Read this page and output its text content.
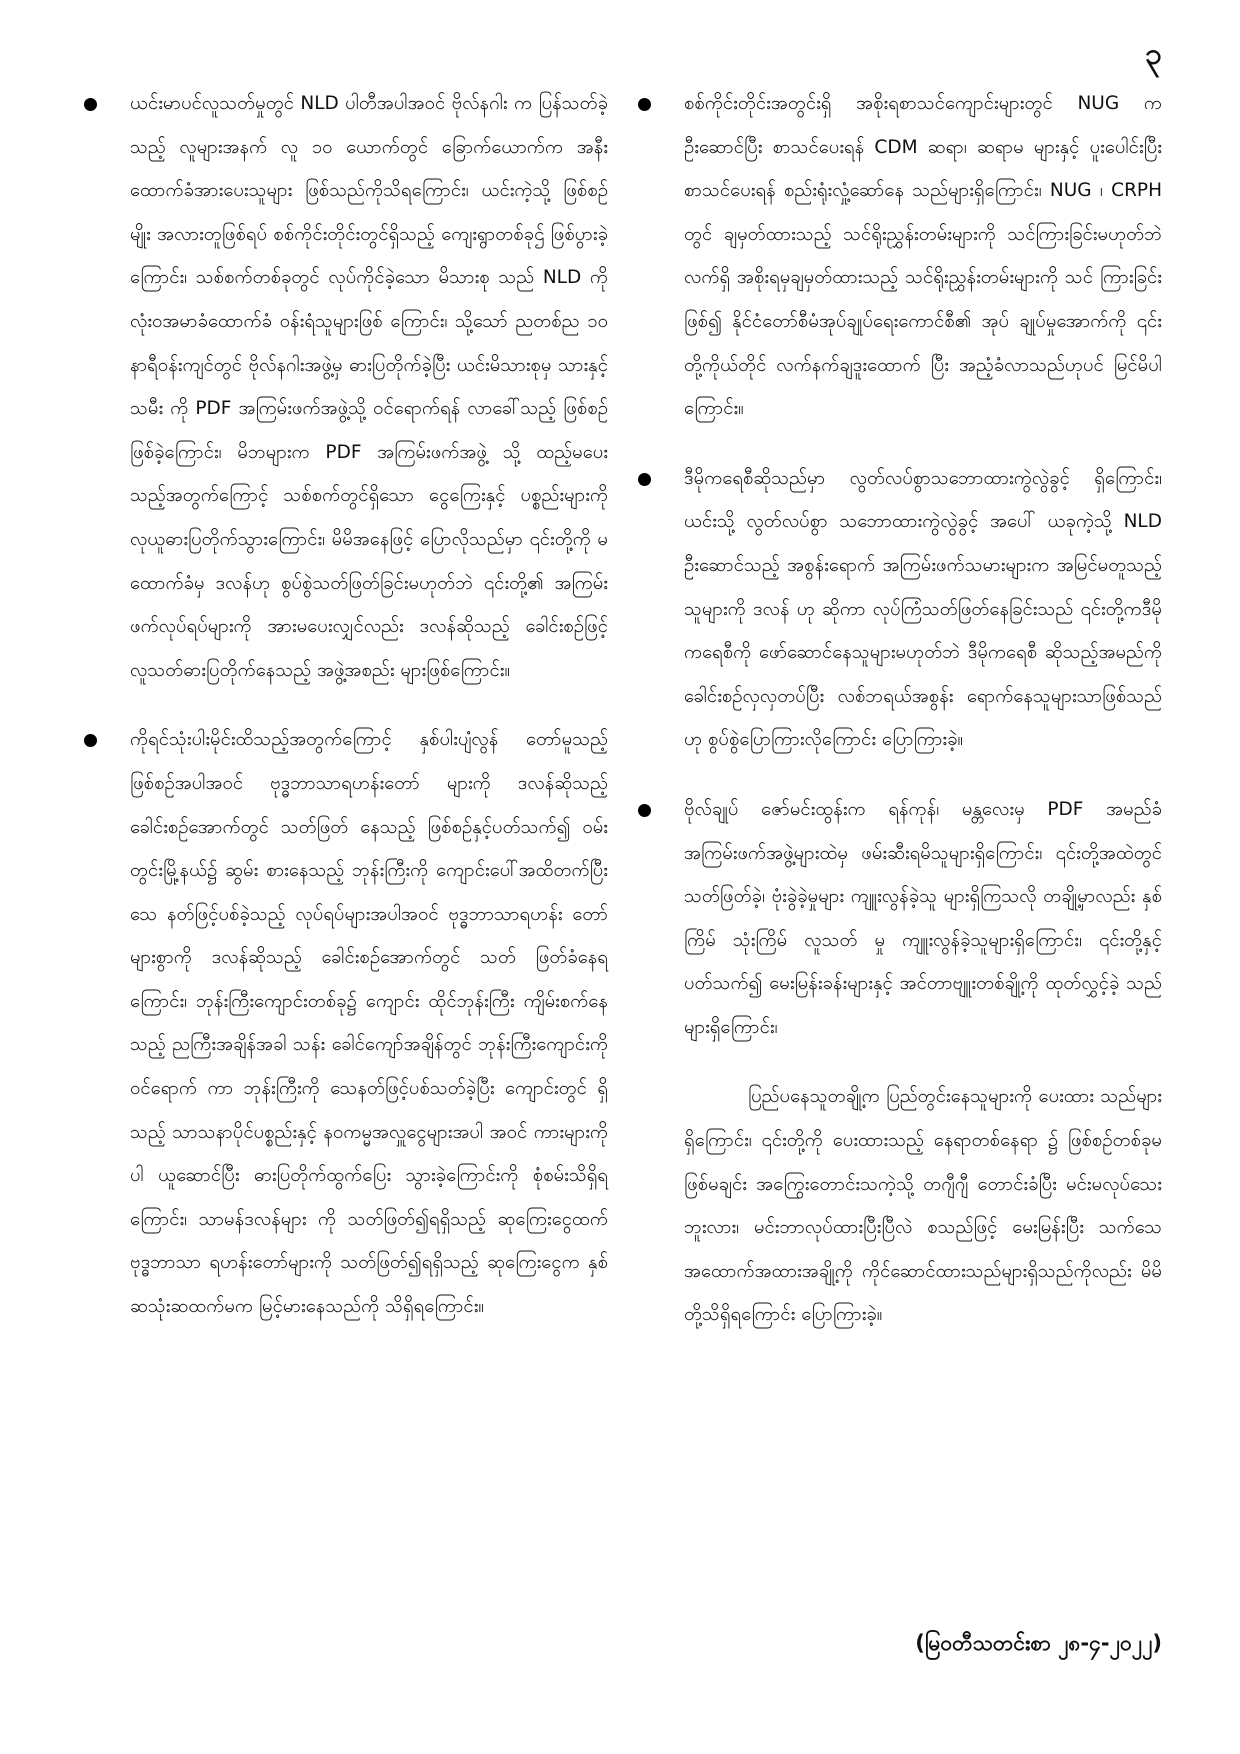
၃

ယင်းမာပင်လူသတ်မှုတွင် NLD ပါတီအပါအဝင် ဗိုလ်နဂါး က ပြန်သတ်ခဲ့သည့် လူများအနက် လူ ၁၀ ယောက်တွင် ခြောက်ယောက်က အနီးထောက်ခံအားပေးသူများ ဖြစ်သည်ကိုသိရကြောင်း၊ ယင်းကဲ့သို့ ဖြစ်စဉ်မျိုး အလားတူဖြစ်ရပ် စစ်ကိုင်းတိုင်းတွင်ရှိသည့် ကျေးရွာတစ်ခုဌ် ဖြစ်ပွားခဲ့ ကြောင်း၊ သစ်စက်တစ်ခုတွင် လုပ်ကိုင်ခဲ့သော မိသားစု သည် NLD ကို လုံးဝအမာခံထောက်ခံ ဝန်းရံသူများဖြစ် ကြောင်း၊ သို့သော် ညတစ်ည ၁၀ နာရီဝန်းကျင်တွင် ဗိုလ်နဂါးအဖွဲ့မှ ဓားပြတိုက်ခဲ့ပြီး ယင်းမိသားစုမှ သားနှင့်သမီး ကို PDF အကြမ်းဖက်အဖွဲ့သို့ ဝင်ရောက်ရန် လာခေါ်သည့် ဖြစ်စဉ်ဖြစ်ခဲ့ကြောင်း၊ မိဘများက PDF အကြမ်းဖက်အဖွဲ့ သို့ ထည့်မပေးသည့်အတွက်ကြောင့် သစ်စက်တွင်ရှိသော ငွေကြေးနှင့် ပစ္စည်းများကို လုယူဓားပြတိုက်သွားကြောင်း၊ မိမိအနေဖြင့် ပြောလိုသည်မှာ ၎င်းတို့ကို မထောက်ခံမှ ဒလန်ဟု စွပ်စွဲသတ်ဖြတ်ခြင်းမဟုတ်ဘဲ ၎င်းတို့၏ အကြမ်း ဖက်လုပ်ရပ်များကို အားမပေးလျှင်လည်း ဒလန်ဆိုသည့် ခေါင်းစဉ်ဖြင့် လူသတ်ဓားပြတိုက်နေသည့် အဖွဲ့အစည်း များဖြစ်ကြောင်း။

ကိုရင်သုံးပါးမိုင်းထိသည့်အတွက်ကြောင့် နှစ်ပါးပျံလွန် တော်မူသည့် ဖြစ်စဉ်အပါအဝင် ဗုဒ္ဓဘာသာရဟန်းတော် များကို ဒလန်ဆိုသည့် ခေါင်းစဉ်အောက်တွင် သတ်ဖြတ် နေသည့် ဖြစ်စဉ်နှင့်ပတ်သက်၍ ဝမ်းတွင်းမြို့နယ်၌ ဆွမ်း စားနေသည့် ဘုန်းကြီးကို ကျောင်းပေါ်အထိတက်ပြီး သေ နတ်ဖြင့်ပစ်ခဲ့သည့် လုပ်ရပ်များအပါအဝင် ဗုဒ္ဓဘာသာရဟန်း တော်များစွာကို ဒလန်ဆိုသည့် ခေါင်းစဉ်အောက်တွင် သတ် ဖြတ်ခံနေရကြောင်း၊ ဘုန်းကြီးကျောင်းတစ်ခု၌ ကျောင်း ထိုင်ဘုန်းကြီး ကျိမ်းစက်နေသည့် ညကြီးအချိန်အခါ သန်း ခေါင်ကျော်အချိန်တွင် ဘုန်းကြီးကျောင်းကို ဝင်ရောက် ကာ ဘုန်းကြီးကို သေနတ်ဖြင့်ပစ်သတ်ခဲ့ပြီး ကျောင်းတွင် ရှိသည့် သာသနာပိုင်ပစ္စည်းနှင့် နဝကမ္မအလှူငွေများအပါ အဝင် ကားများကိုပါ ယူဆောင်ပြီး ဓားပြတိုက်ထွက်ပြေး သွားခဲ့ကြောင်းကို စုံစမ်းသိရှိရကြောင်း၊ သာမန်ဒလန်များ ကို သတ်ဖြတ်၍ရရှိသည့် ဆုကြေးငွေထက် ဗုဒ္ဓဘာသာ ရဟန်းတော်များကို သတ်ဖြတ်၍ရရှိသည့် ဆုကြေးငွေက နှစ်ဆသုံးဆထက်မက မြင့်မားနေသည်ကို သိရှိရကြောင်း။

စစ်ကိုင်းတိုင်းအတွင်းရှိ အစိုးရစာသင်ကျောင်းများတွင် NUG က ဦးဆောင်ပြီး စာသင်ပေးရန် CDM ဆရာ၊ ဆရာမ များနှင့် ပူးပေါင်းပြီး စာသင်ပေးရန် စည်းရုံးလှုံ့ဆော်နေ သည်များရှိကြောင်း၊ NUG ၊ CRPH တွင် ချမှတ်ထားသည့် သင်ရိုးညွှန်းတမ်းများကို သင်ကြားခြင်းမဟုတ်ဘဲ လက်ရှိ အစိုးရမှချမှတ်ထားသည့် သင်ရိုးညွှန်းတမ်းများကို သင် ကြားခြင်းဖြစ်၍ နိုင်ငံတော်စီမံအုပ်ချုပ်ရေးကောင်စီ၏ အုပ် ချုပ်မှုအောက်ကို ၎င်းတို့ကိုယ်တိုင် လက်နက်ချဒူးထောက် ပြီး အညံ့ခံလာသည်ဟုပင် မြင်မိပါကြောင်း။

ဒီမိုကရေစီဆိုသည်မှာ လွတ်လပ်စွာသဘောထားကွဲလွဲခွင့် ရှိကြောင်း၊ ယင်းသို့ လွတ်လပ်စွာ သဘောထားကွဲလွဲခွင့် အပေါ် ယခုကဲ့သို့ NLD ဦးဆောင်သည့် အစွန်းရောက် အကြမ်းဖက်သမားများက အမြင်မတူသည့်သူများကို ဒလန် ဟု ဆိုကာ လုပ်ကြံသတ်ဖြတ်နေခြင်းသည် ၎င်းတို့ကဒီမို ကရေစီကို ဖော်ဆောင်နေသူများမဟုတ်ဘဲ ဒီမိုကရေစီ ဆိုသည့်အမည်ကို ခေါင်းစဉ်လှလှတပ်ပြီး လစ်ဘရယ်အစွန်း ရောက်နေသူများသာဖြစ်သည်ဟု စွပ်စွဲပြောကြားလိုကြောင်း ပြောကြားခဲ့။

ဗိုလ်ချုပ် ဇော်မင်းထွန်းက ရန်ကုန်၊ မန္တလေးမှ PDF အမည်ခံ အကြမ်းဖက်အဖွဲ့များထဲမှ ဖမ်းဆီးရမိသူများရှိကြောင်း၊ ၎င်းတို့အထဲတွင် သတ်ဖြတ်ခဲ့၊ ဗုံးခွဲခဲ့မှုများ ကျူးလွန်ခဲ့သူ များရှိကြသလို တချို့မှာလည်း နှစ်ကြိမ် သုံးကြိမ် လူသတ် မှု ကျူးလွန်ခဲ့သူများရှိကြောင်း၊ ၎င်းတို့နှင့်ပတ်သက်၍ မေးမြန်းခန်းများနှင့် အင်တာဗျူးတစ်ချို့ကို ထုတ်လွှင့်ခဲ့ သည်များရှိကြောင်း၊

ပြည်ပနေသူတချို့က ပြည်တွင်းနေသူများကို ပေးထား သည်များရှိကြောင်း၊ ၎င်းတို့ကို ပေးထားသည့် နေရာတစ်နေရာ ၌ ဖြစ်စဉ်တစ်ခုမဖြစ်မချင်း အကြွေးတောင်းသကဲ့သို့ တဂျီဂျီ တောင်းခံပြီး မင်းမလုပ်သေးဘူးလား၊ မင်းဘာလုပ်ထားပြီးပြီလဲ စသည်ဖြင့် မေးမြန်းပြီး သက်သေအထောက်အထားအချို့ကို ကိုင်ဆောင်ထားသည်များရှိသည်ကိုလည်း မိမိတို့သိရှိရကြောင်း ပြောကြားခဲ့။

(မြဝတီသတင်းစာ ၂၈-၄-၂၀၂၂)
